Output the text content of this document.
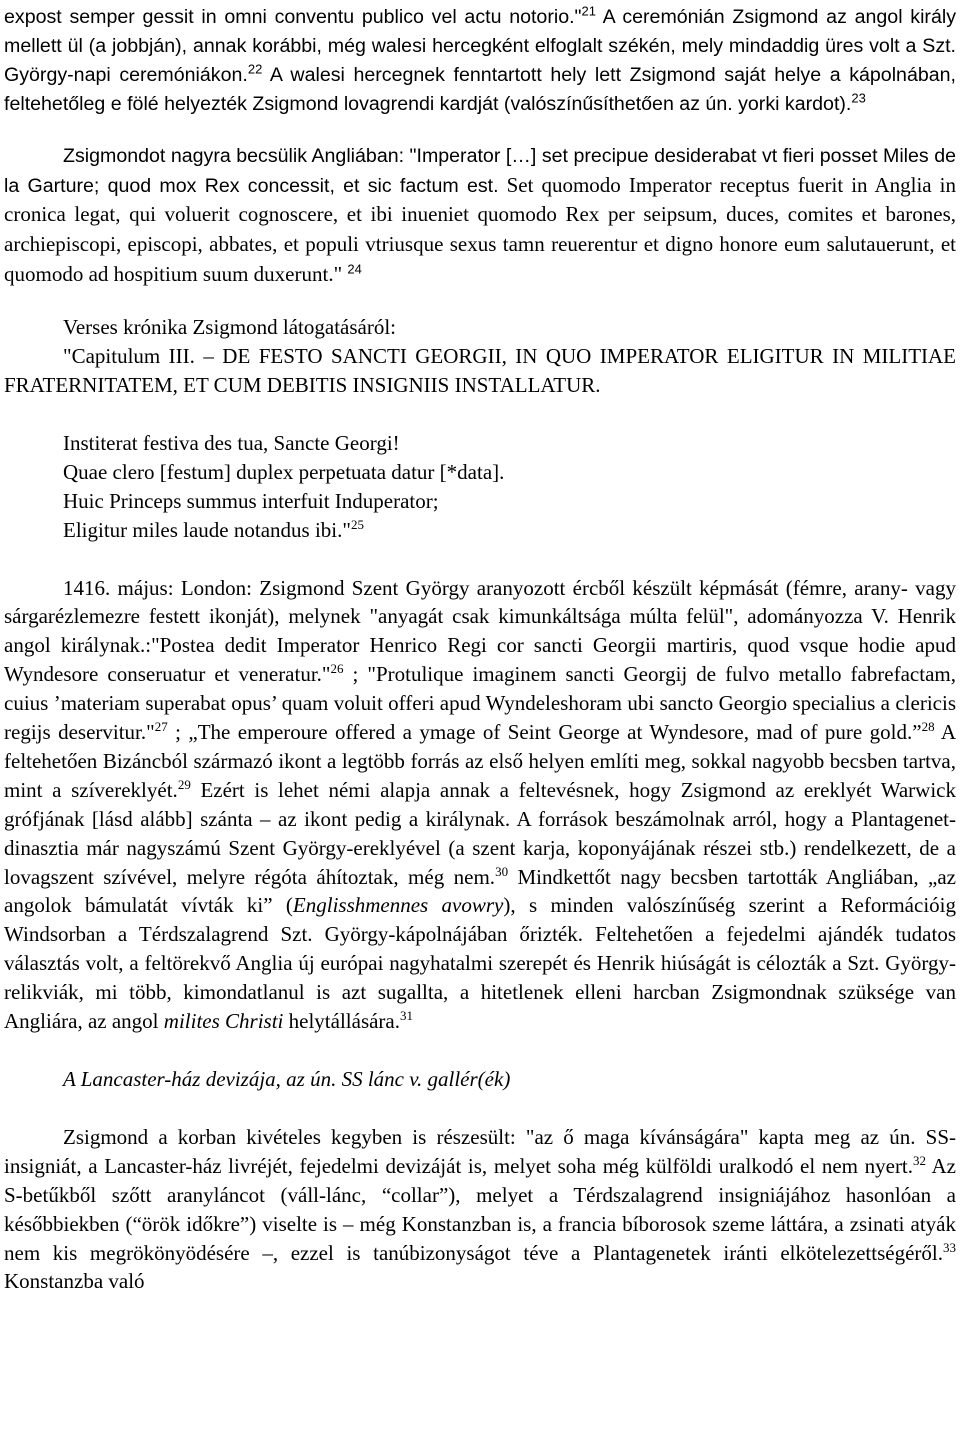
expost semper gessit in omni conventu publico vel actu notorio."$^{21}$ A ceremónián Zsigmond az angol király mellett ül (a jobbján), annak korábbi, még walesi hercegként elfoglalt székén, mely mindaddig üres volt a Szt. György-napi ceremóniákon.$^{22}$ A walesi hercegnek fenntartott hely lett Zsigmond saját helye a kápolnában, feltehetőleg e fölé helyezték Zsigmond lovagrendi kardját (valószínűsíthetően az ún. yorki kardot).$^{23}$

Zsigmondot nagyra becsülik Angliában: "Imperator […] set precipue desiderabat vt fieri posset Miles de la Garture; quod mox Rex concessit, et sic factum est. Set quomodo Imperator receptus fuerit in Anglia in cronica legat, qui voluerit cognoscere, et ibi inueniet quomodo Rex per seipsum, duces, comites et barones, archiepiscopi, episcopi, abbates, et populi vtriusque sexus tamn reuerentur et digno honore eum salutauerunt, et quomodo ad hospitium suum duxerunt." $^{24}$

Verses krónika Zsigmond látogatásáról:

"Capitulum III. – DE FESTO SANCTI GEORGII, IN QUO IMPERATOR ELIGITUR IN MILITIAE FRATERNITATEM, ET CUM DEBITIS INSIGNIIS INSTALLATUR.

Institerat festiva des tua, Sancte Georgi!
Quae clero [festum] duplex perpetuata datur [*data].
Huic Princeps summus interfuit Induperator;
Eligitur miles laude notandus ibi."$^{25}$

1416. május: London: Zsigmond Szent György aranyozott ércből készült képmását (fémre, arany- vagy sárgarézlemezre festett ikonját), melynek "anyagát csak kimunkáltsága múlta felül", adományozza V. Henrik angol királynak.:"Postea dedit Imperator Henrico Regi cor sancti Georgii martiris, quod vsque hodie apud Wyndesore conseruatur et veneratur."$^{26}$ ; "Protulique imaginem sancti Georgij de fulvo metallo fabrefactam, cuius ’materiam superabat opus’ quam voluit offeri apud Wyndeleshoram ubi sancto Georgio specialius a clericis regijs deservitur."$^{27}$ ; „The emperoure offered a ymage of Seint George at Wyndesore, mad of pure gold.”$^{28}$ A feltehetően Bizáncból származó ikont a legtöbb forrás az első helyen említi meg, sokkal nagyobb becsben tartva, mint a szívereklyét.$^{29}$ Ezért is lehet némi alapja annak a feltevésnek, hogy Zsigmond az ereklyét Warwick grófjának [lásd alább] szánta – az ikont pedig a királynak. A források beszámolnak arról, hogy a Plantagenet-dinasztia már nagyszámú Szent György-ereklyével (a szent karja, koponyájának részei stb.) rendelkezett, de a lovagszent szívével, melyre régóta áhítoztak, még nem.$^{30}$ Mindkettőt nagy becsben tartották Angliában, „az angolok bámulatát vívták ki” (Englisshmennes avowry), s minden valószínűség szerint a Reformációig Windsorban a Térdszalagrend Szt. György-kápolnájában őrizték. Feltehetően a fejedelmi ajándék tudatos választás volt, a feltörekvő Anglia új európai nagyhatalmi szerepét és Henrik hiúságát is célozták a Szt. György-relikviák, mi több, kimondatlanul is azt sugallta, a hitetlenek elleni harcban Zsigmondnak szüksége van Angliára, az angol milites Christi helytállására.$^{31}$

A Lancaster-ház devizája, az ún. SS lánc v. gallér(ék)

Zsigmond a korban kivételes kegyben is részesült: "az ő maga kívánságára" kapta meg az ún. SS-insigniát, a Lancaster-ház livréjét, fejedelmi devizáját is, melyet soha még külföldi uralkodó el nem nyert.$^{32}$ Az S-betűkből szőtt aranyláncot (váll-lánc, “collar”), melyet a Térdszalagrend insigniájához hasonlóan a későbbiekben (“örök időkre”) viselte is – még Konstanzban is, a francia bíborosok szeme láttára, a zsinati atyák nem kis megrökönyödésére –, ezzel is tanúbizonyságot téve a Plantagenetek iránti elkötelezettségéről.$^{33}$ Konstanzba való
